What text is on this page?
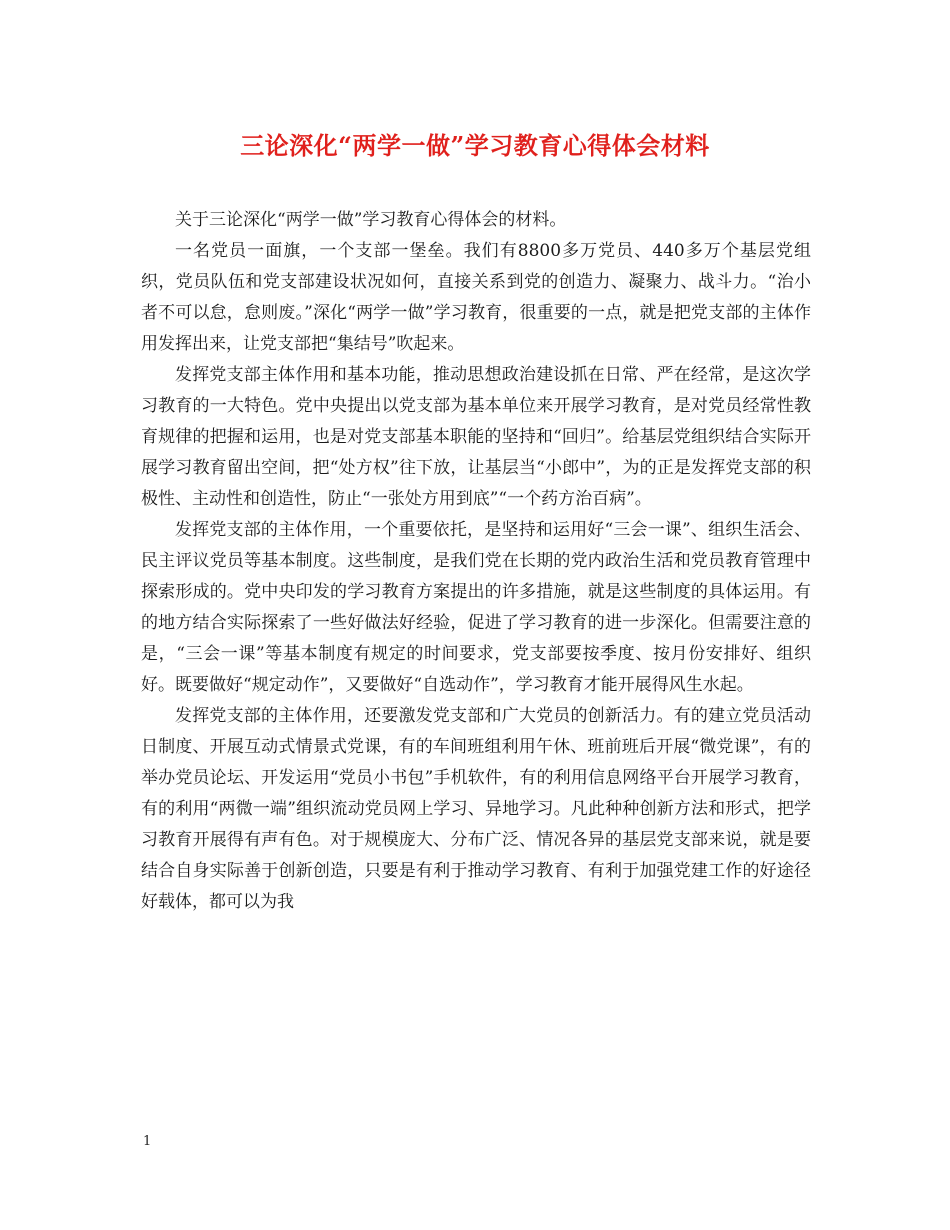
三论深化“两学一做”学习教育心得体会材料

关于三论深化“两学一做”学习教育心得体会的材料。

一名党员一面旗，一个支部一堡垒。我们有8800多万党员、440多万个基层党组织，党员队伍和党支部建设状况如何，直接关系到党的创造力、凝聚力、战斗力。“治小者不可以怠，怠则废。”深化“两学一做”学习教育，很重要的一点，就是把党支部的主体作用发挥出来，让党支部把“集结号”吹起来。

发挥党支部主体作用和基本功能，推动思想政治建设抓在日常、严在经常，是这次学习教育的一大特色。党中央提出以党支部为基本单位来开展学习教育，是对党员经常性教育规律的把握和运用，也是对党支部基本职能的坚持和“回归”。给基层党组织结合实际开展学习教育留出空间，把“处方权”往下放，让基层当“小郎中”，为的正是发挥党支部的积极性、主动性和创造性，防止“一张处方用到底”“一个药方治百病”。

发挥党支部的主体作用，一个重要依托，是坚持和运用好“三会一课”、组织生活会、民主评议党员等基本制度。这些制度，是我们党在长期的党内政治生活和党员教育管理中探索形成的。党中央印发的学习教育方案提出的许多措施，就是这些制度的具体运用。有的地方结合实际探索了一些好做法好经验，促进了学习教育的进一步深化。但需要注意的是，“三会一课”等基本制度有规定的时间要求，党支部要按季度、按月份安排好、组织好。既要做好“规定动作”，又要做好“自选动作”，学习教育才能开展得风生水起。

发挥党支部的主体作用，还要激发党支部和广大党员的创新活力。有的建立党员活动日制度、开展互动式情景式党课，有的车间班组利用午休、班前班后开展“微党课”，有的举办党员论坛、开发运用“党员小书包”手机软件，有的利用信息网络平台开展学习教育，有的利用“两微一端”组织流动党员网上学习、异地学习。凡此种种创新方法和形式，把学习教育开展得有声有色。对于规模庞大、分布广泛、情况各异的基层党支部来说，就是要结合自身实际善于创新创造，只要是有利于推动学习教育、有利于加强党建工作的好途径好载体，都可以为我

1
